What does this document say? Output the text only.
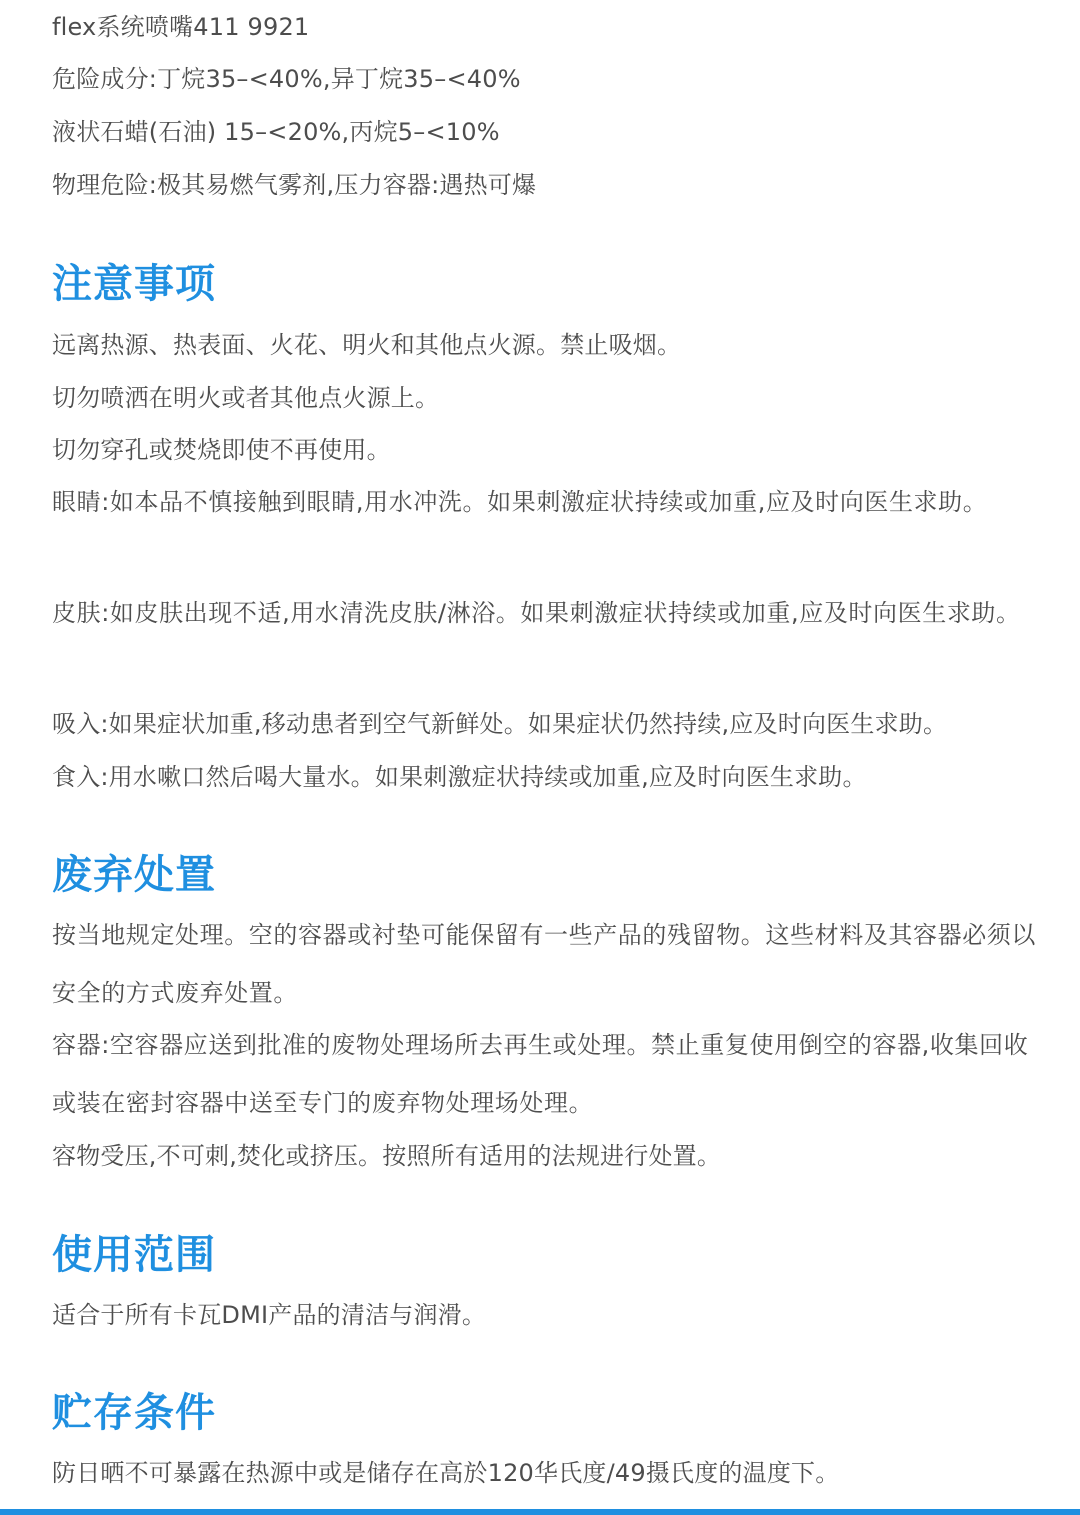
flex系统喷嘴411 9921
危险成分:丁烷35–<40%,异丁烷35–<40%
液状石蜡(石油) 15–<20%,丙烷5–<10%
物理危险:极其易燃气雾剂,压力容器:遇热可爆
注意事项
远离热源、热表面、火花、明火和其他点火源。禁止吸烟。
切勿喷洒在明火或者其他点火源上。
切勿穿孔或焚烧即使不再使用。
眼睛:如本品不慎接触到眼睛,用水冲洗。如果刺激症状持续或加重,应及时向医生求助。
皮肤:如皮肤出现不适,用水清洗皮肤/淋浴。如果刺激症状持续或加重,应及时向医生求助。
吸入:如果症状加重,移动患者到空气新鲜处。如果症状仍然持续,应及时向医生求助。
食入:用水嗽口然后喝大量水。如果刺激症状持续或加重,应及时向医生求助。
废弃处置
按当地规定处理。空的容器或衬垫可能保留有一些产品的残留物。这些材料及其容器必须以安全的方式废弃处置。
容器:空容器应送到批准的废物处理场所去再生或处理。禁止重复使用倒空的容器,收集回收或装在密封容器中送至专门的废弃物处理场处理。
容物受压,不可刺,焚化或挤压。按照所有适用的法规进行处置。
使用范围
适合于所有卡瓦DMI产品的清洁与润滑。
贮存条件
防日晒不可暴露在热源中或是储存在高於120华氏度/49摄氏度的温度下。
